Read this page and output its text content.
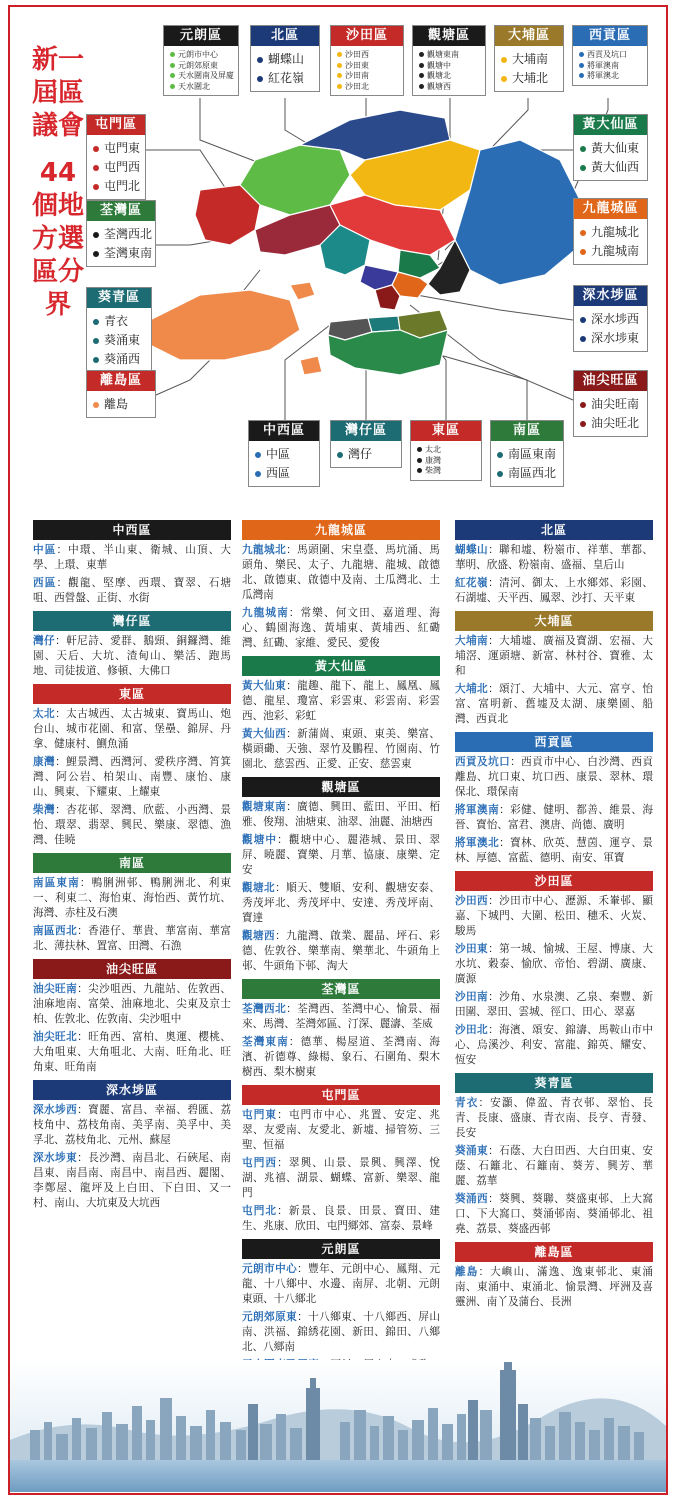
新一屆區議會
44個地方選區分界
元朗區
元朗市中心
元朗郊原東
天水圍南及屏廈
天水圍北
北區
蝴蝶山
紅花嶺
沙田區
沙田西
沙田東
沙田南
沙田北
觀塘區
觀塘東南
觀塘中
觀塘北
觀塘西
大埔區
大埔南
大埔北
西貢區
西貢及坑口
將軍澳南
將軍澳北
屯門區
屯門東
屯門西
屯門北
黃大仙區
黃大仙東
黃大仙西
荃灣區
荃灣西北
荃灣東南
九龍城區
九龍城北
九龍城南
葵青區
青衣
葵涌東
葵涌西
深水埗區
深水埗西
深水埗東
離島區
離島
油尖旺區
油尖旺南
油尖旺北
中西區
中區
西區
灣仔區
灣仔
東區
太北
康灣
柴灣
南區
南區東南
南區西北
中西區

中區：中環、半山東、衛城、山頂、大學、上環、東華

西區：觀龍、堅摩、西環、寶翠、石塘咀、西營盤、正街、水街

灣仔區

灣仔：軒尼詩、愛群、鵝頸、銅鑼灣、維園、天后、大坑、渣甸山、樂活、跑馬地、司徒拔道、修頓、大佛口

東區

太北：太古城西、太古城東、寶馬山、炮台山、城市花園、和富、堡壘、錦屏、丹拿、健康村、鰂魚涌

康灣：鯉景灣、西灣河、愛秩序灣、筲箕灣、阿公岩、柏架山、南豐、康怡、康山、興東、下耀東、上耀東

柴灣：杏花邨、翠灣、欣藍、小西灣、景怡、環翠、翡翠、興民、樂康、翠德、漁灣、佳曉

南區

南區東南：鴨脷洲邨、鴨脷洲北、利東一、利東二、海怡東、海怡西、黃竹坑、海灣、赤柱及石澳

南區西北：香港仔、華貴、華富南、華富北、薄扶林、置富、田灣、石漁

油尖旺區

油尖旺南：尖沙咀西、九龍站、佐敦西、油麻地南、富榮、油麻地北、尖東及京士柏、佐敦北、佐敦南、尖沙咀中

油尖旺北：旺角西、富柏、奧運、櫻桃、大角咀東、大角咀北、大南、旺角北、旺角東、旺角南

深水埗區

深水埗西：寶麗、富昌、幸福、碧匯、荔枝角中、荔枝角南、美孚南、美孚中、美孚北、荔枝角北、元州、蘇屋

深水埗東：長沙灣、南昌北、石硤尾、南昌東、南昌南、南昌中、南昌西、麗閣、李鄭屋、龍坪及上白田、下白田、又一村、南山、大坑東及大坑西

九龍城區

九龍城北：馬頭圍、宋皇臺、馬坑涌、馬頭角、樂民、太子、九龍塘、龍城、啟德北、啟德東、啟德中及南、土瓜灣北、土瓜灣南

九龍城南：常樂、何文田、嘉道理、海心、鶴園海逸、黃埔東、黃埔西、紅磡灣、紅磡、家維、愛民、愛俊

黃大仙區

黃大仙東：龍趣、龍下、龍上、鳳凰、鳳德、龍星、瓊富、彩雲東、彩雲南、彩雲西、池彩、彩虹

黃大仙西：新蒲崗、東頭、東美、樂富、橫頭磡、天強、翠竹及鵬程、竹園南、竹園北、慈雲西、正愛、正安、慈雲東

觀塘區

觀塘東南：廣德、興田、藍田、平田、栢雅、俊翔、油塘東、油翠、油麗、油塘西

觀塘中：觀塘中心、麗港城、景田、翠屏、曉麗、寶樂、月華、協康、康樂、定安

觀塘北：順天、雙順、安利、觀塘安泰、秀茂坪北、秀茂坪中、安達、秀茂坪南、寶達

觀塘西：九龍灣、啟業、麗晶、坪石、彩德、佐敦谷、樂華南、樂華北、牛頭角上邨、牛頭角下邨、淘大

荃灣區

荃灣西北：荃灣西、荃灣中心、愉景、福來、馬灣、荃灣郊區、汀深、麗濤、荃威

荃灣東南：德華、楊屋道、荃灣南、海濱、祈德尊、綠楊、象石、石圍角、梨木樹西、梨木樹東

屯門區

屯門東：屯門市中心、兆置、安定、兆翠、友愛南、友愛北、新墟、掃管笏、三聖、恒福

屯門西：翠興、山景、景興、興澤、悅湖、兆禧、湖景、蝴蝶、富新、樂翠、龍門

屯門北：新景、良景、田景、寶田、建生、兆康、欣田、屯門鄉郊、富泰、景峰

元朗區

元朗市中心：豐年、元朗中心、鳳翔、元龍、十八鄉中、水邊、南屏、北朝、元朗東頭、十八鄉北

元朗郊原東：十八鄉東、十八鄉西、屏山南、洪福、錦綉花園、新田、錦田、八鄉北、八鄉南

北區

蝴蝶山：聯和墟、粉嶺市、祥華、華都、華明、欣盛、粉嶺南、盛福、皇后山

紅花嶺：清河、御太、上水鄉郊、彩園、石湖墟、天平西、鳳翠、沙打、天平東

大埔區

大埔南：大埔墟、廣福及寶湖、宏福、大埔滘、運頭塘、新富、林村谷、寶雅、太和

大埔北：頌汀、大埔中、大元、富亨、怡富、富明新、舊墟及太湖、康樂園、船灣、西貢北

西貢區

西貢及坑口：西貢市中心、白沙灣、西貢離島、坑口東、坑口西、康景、翠林、環保北、環保南

將軍澳南：彩健、健明、都善、維景、海晉、寶怡、富君、澳唐、尚德、廣明

將軍澳北：寶林、欣英、慧茵、運亨、景林、厚德、富藍、德明、南安、軍寶

沙田區

沙田西：沙田市中心、瀝源、禾輋邨、顯嘉、下城門、大圍、松田、穗禾、火炭、駿馬

沙田東：第一城、愉城、王屋、博康、大水坑、穀泰、愉欣、帝怡、碧湖、廣康、廣源

沙田南：沙角、水泉澳、乙泉、秦豐、新田圍、翠田、雲城、徑口、田心、翠嘉

沙田北：海濱、頌安、錦濤、馬鞍山市中心、烏溪沙、利安、富龍、錦英、耀安、恆安

葵青區

青衣：安灝、偉盈、青衣邨、翠怡、長青、長康、盛康、青衣南、長亨、青發、長安

葵涌東：石蔭、大白田西、大白田東、安蔭、石籬北、石籬南、葵芳、興芳、華麗、荔華

葵涌西：葵興、葵聯、葵盛東邨、上大窩口、下大窩口、葵涌邨南、葵涌邨北、祖堯、荔景、葵盛西邨

離島區

離島：大嶼山、滿逸、逸東邨北、東涌南、東涌中、東涌北、愉景灣、坪洲及喜靈洲、南丫及蒲台、長洲
